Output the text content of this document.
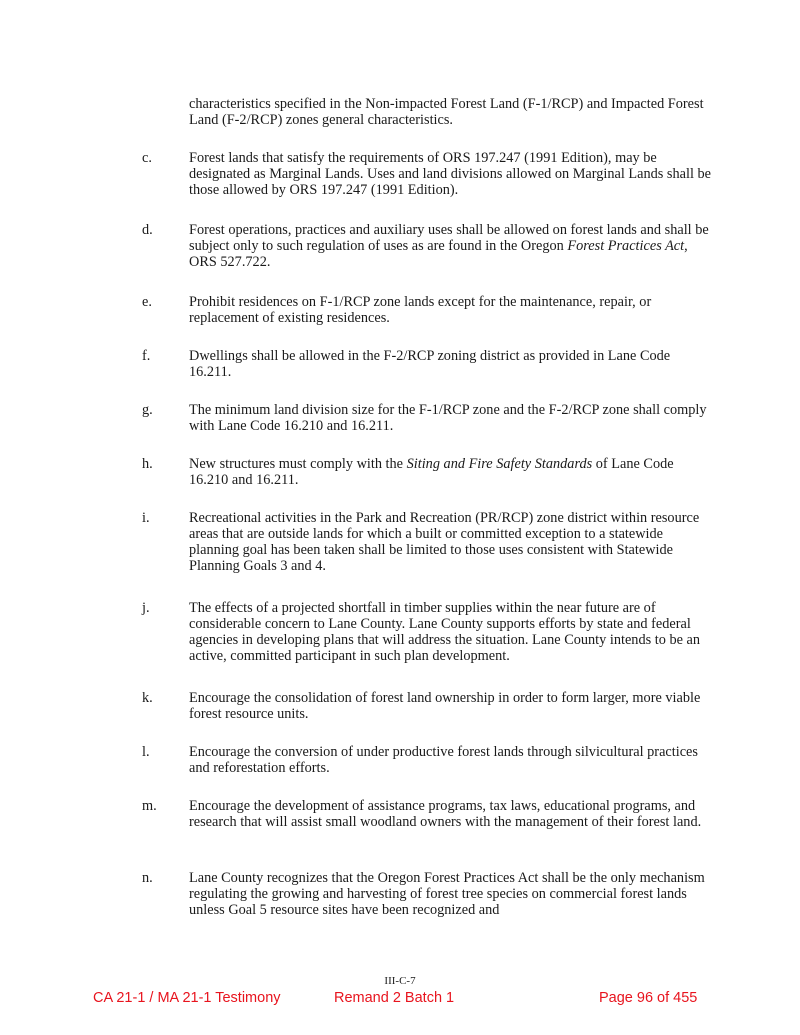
characteristics specified in the Non-impacted Forest Land (F-1/RCP) and Impacted Forest Land (F-2/RCP) zones general characteristics.
c.	Forest lands that satisfy the requirements of ORS 197.247 (1991 Edition), may be designated as Marginal Lands. Uses and land divisions allowed on Marginal Lands shall be those allowed by ORS 197.247 (1991 Edition).
d.	Forest operations, practices and auxiliary uses shall be allowed on forest lands and shall be subject only to such regulation of uses as are found in the Oregon Forest Practices Act, ORS 527.722.
e.	Prohibit residences on F-1/RCP zone lands except for the maintenance, repair, or replacement of existing residences.
f.	Dwellings shall be allowed in the F-2/RCP zoning district as provided in Lane Code 16.211.
g.	The minimum land division size for the F-1/RCP zone and the F-2/RCP zone shall comply with Lane Code 16.210 and 16.211.
h.	New structures must comply with the Siting and Fire Safety Standards of Lane Code 16.210 and 16.211.
i.	Recreational activities in the Park and Recreation (PR/RCP) zone district within resource areas that are outside lands for which a built or committed exception to a statewide planning goal has been taken shall be limited to those uses consistent with Statewide Planning Goals 3 and 4.
j.	The effects of a projected shortfall in timber supplies within the near future are of considerable concern to Lane County. Lane County supports efforts by state and federal agencies in developing plans that will address the situation. Lane County intends to be an active, committed participant in such plan development.
k.	Encourage the consolidation of forest land ownership in order to form larger, more viable forest resource units.
l.	Encourage the conversion of under productive forest lands through silvicultural practices and reforestation efforts.
m. Encourage the development of assistance programs, tax laws, educational programs, and research that will assist small woodland owners with the management of their forest land.
n.	Lane County recognizes that the Oregon Forest Practices Act shall be the only mechanism regulating the growing and harvesting of forest tree species on commercial forest lands unless Goal 5 resource sites have been recognized and
III-C-7
CA 21-1 / MA 21-1 Testimony	Remand 2 Batch 1	Page 96 of 455
